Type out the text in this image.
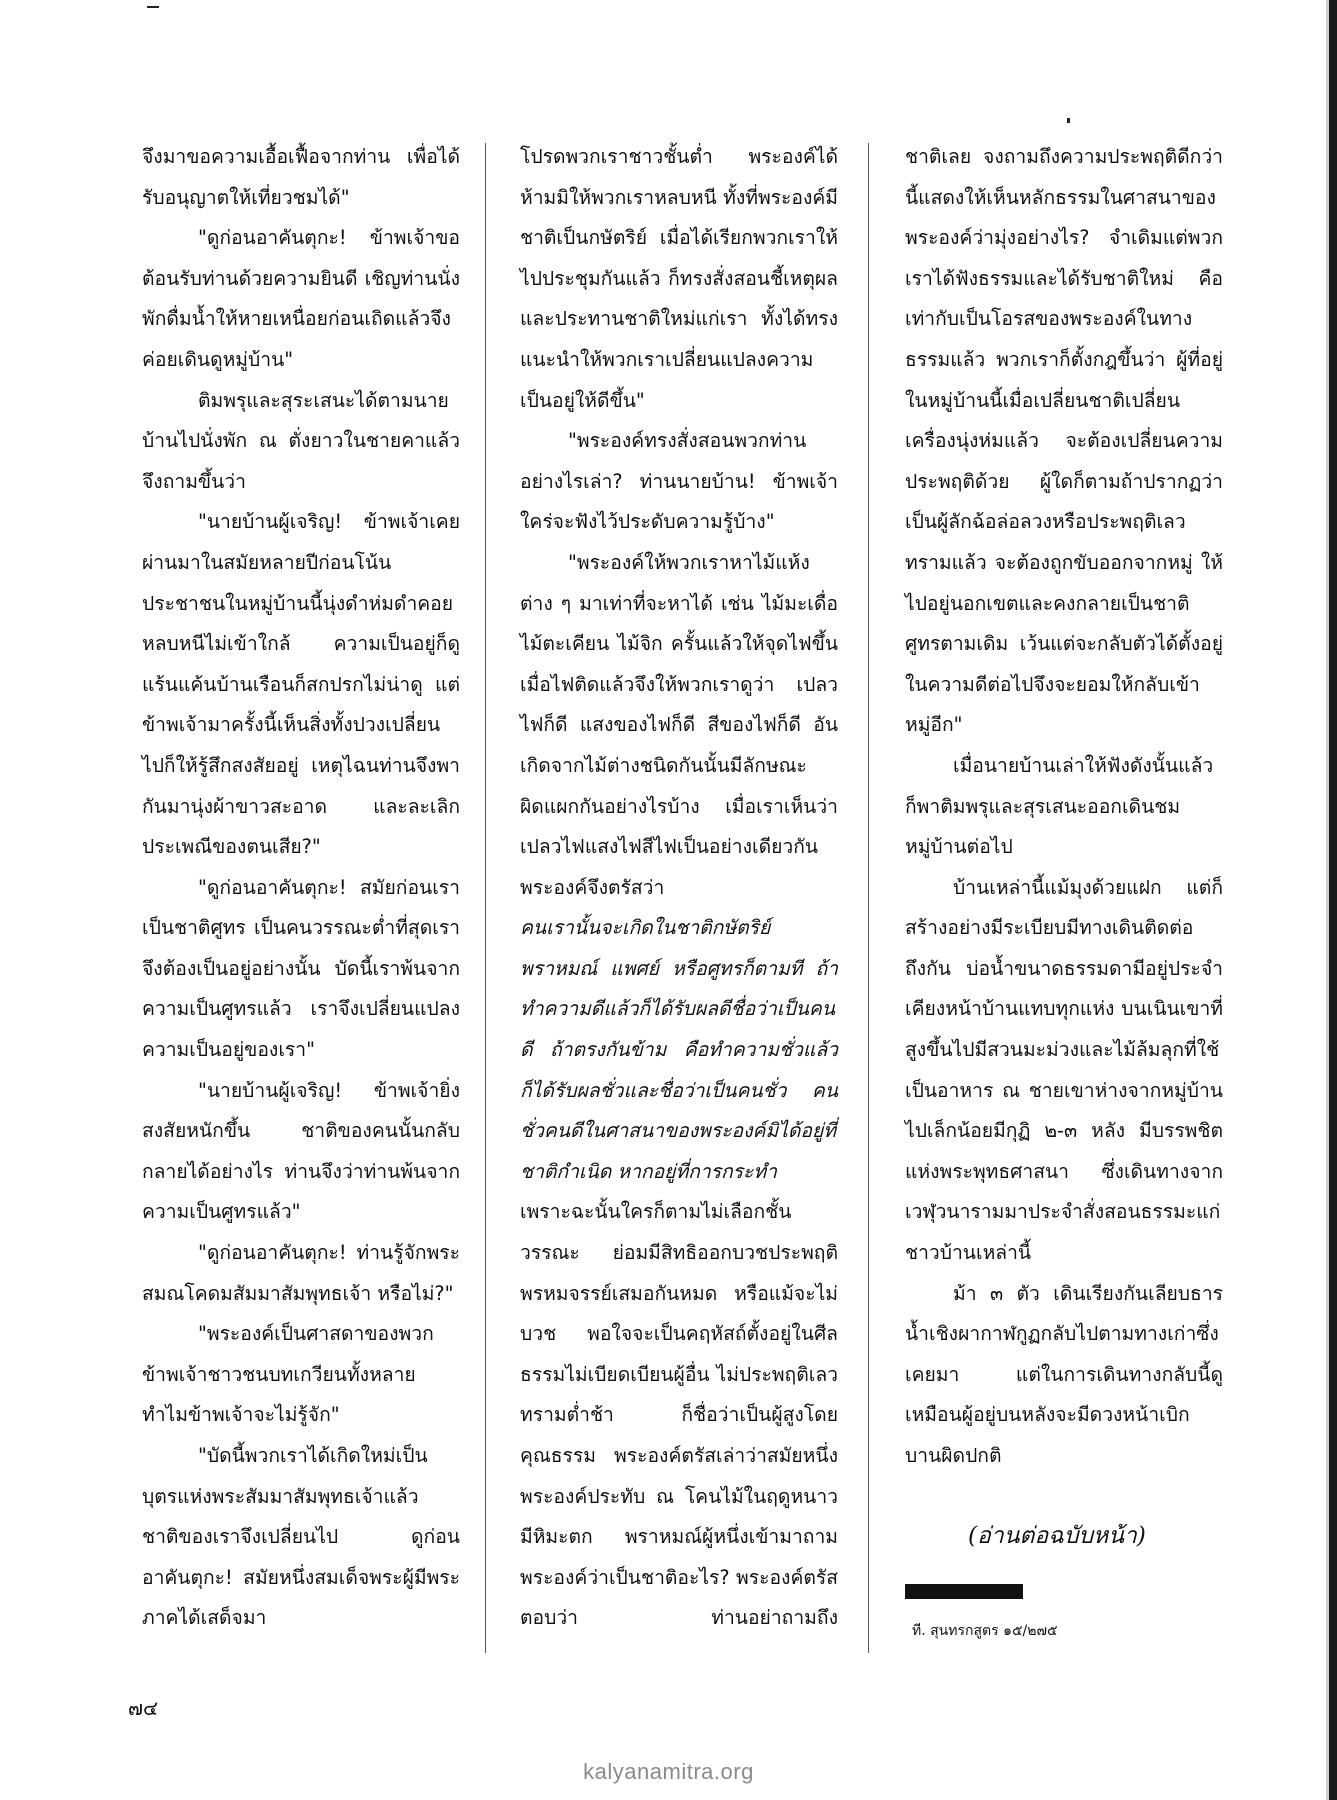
จึงมาขอความเอื้อเฟื้อจากท่าน เพื่อได้รับอนุญาตให้เที่ยวชมได้"

"ดูก่อนอาคันตุกะ! ข้าพเจ้าขอต้อนรับท่านด้วยความยินดี เชิญท่านนั่งพักดื่มน้ำให้หายเหนื่อยก่อนเถิดแล้วจึงค่อยเดินดูหมู่บ้าน"

ติมพรุและสุระเสนะได้ตามนายบ้านไปนั่งพัก ณ ตั่งยาวในชายคาแล้วจึงถามขึ้นว่า

"นายบ้านผู้เจริญ! ข้าพเจ้าเคยผ่านมาในสมัยหลายปีก่อนโน้น ประชาชนในหมู่บ้านนี้นุ่งดำห่มดำคอยหลบหนีไม่เข้าใกล้ ความเป็นอยู่ก็ดูแร้นแค้นบ้านเรือนก็สกปรกไม่น่าดู แต่ข้าพเจ้ามาครั้งนี้เห็นสิ่งทั้งปวงเปลี่ยนไปก็ให้รู้สึกสงสัยอยู่ เหตุไฉนท่านจึงพากันมานุ่งผ้าขาวสะอาด และละเลิกประเพณีของตนเสีย?"

"ดูก่อนอาคันตุกะ! สมัยก่อนเราเป็นชาติศูทร เป็นคนวรรณะต่ำที่สุดเราจึงต้องเป็นอยู่อย่างนั้น บัดนี้เราพ้นจากความเป็นศูทรแล้ว เราจึงเปลี่ยนแปลงความเป็นอยู่ของเรา"

"นายบ้านผู้เจริญ! ข้าพเจ้ายิ่งสงสัยหนักขึ้น ชาติของคนนั้นกลับกลายได้อย่างไร ท่านจึงว่าท่านพ้นจากความเป็นศูทรแล้ว"

"ดูก่อนอาคันตุกะ! ท่านรู้จักพระสมณโคดมสัมมาสัมพุทธเจ้า หรือไม่?"

"พระองค์เป็นศาสดาของพวกข้าพเจ้าชาวชนบทเกวียนทั้งหลาย ทำไมข้าพเจ้าจะไม่รู้จัก"

"บัดนี้พวกเราได้เกิดใหม่เป็นบุตรแห่งพระสัมมาสัมพุทธเจ้าแล้ว ชาติของเราจึงเปลี่ยนไป ดูก่อนอาคันตุกะ! สมัยหนึ่งสมเด็จพระผู้มีพระภาคได้เสด็จมา

โปรดพวกเราชาวชั้นต่ำ พระองค์ได้ห้ามมิให้พวกเราหลบหนี ทั้งที่พระองค์มีชาติเป็นกษัตริย์ เมื่อได้เรียกพวกเราให้ไปประชุมกันแล้ว ก็ทรงสั่งสอนชี้เหตุผลและประทานชาติใหม่แก่เรา ทั้งได้ทรงแนะนำให้พวกเราเปลี่ยนแปลงความเป็นอยู่ให้ดีขึ้น"

"พระองค์ทรงสั่งสอนพวกท่านอย่างไรเล่า? ท่านนายบ้าน! ข้าพเจ้าใคร่จะฟังไว้ประดับความรู้บ้าง"

"พระองค์ให้พวกเราหาไม้แห้งต่าง ๆ มาเท่าที่จะหาได้ เช่น ไม้มะเดื่อ ไม้ตะเคียน ไม้จิก ครั้นแล้วให้จุดไฟขึ้น เมื่อไฟติดแล้วจึงให้พวกเราดูว่า เปลวไฟก็ดี แสงของไฟก็ดี สีของไฟก็ดี อันเกิดจากไม้ต่างชนิดกันนั้นมีลักษณะผิดแผกกันอย่างไรบ้าง เมื่อเราเห็นว่าเปลวไฟแสงไฟสีไฟเป็นอย่างเดียวกัน พระองค์จึงตรัสว่า

คนเรานั้นจะเกิดในชาติกษัตริย์ พราหมณ์ แพศย์ หรือศูทรก็ตามที ถ้าทำความดีแล้วก็ได้รับผลดีชื่อว่าเป็นคนดี ถ้าตรงกันข้าม คือทำความชั่วแล้ว ก็ได้รับผลชั่วและชื่อว่าเป็นคนชั่ว คนชั่วคนดีในศาสนาของพระองค์มิได้อยู่ที่ชาติกำเนิด หากอยู่ที่การกระทำ

เพราะฉะนั้นใครก็ตามไม่เลือกชั้นวรรณะ ย่อมมีสิทธิออกบวชประพฤติพรหมจรรย์เสมอกันหมด หรือแม้จะไม่บวช พอใจจะเป็นคฤหัสถ์ตั้งอยู่ในศีลธรรมไม่เบียดเบียนผู้อื่น ไม่ประพฤติเลวทรามต่ำช้า ก็ชื่อว่าเป็นผู้สูงโดยคุณธรรม พระองค์ตรัสเล่าว่าสมัยหนึ่งพระองค์ประทับ ณ โคนไม้ในฤดูหนาว มีหิมะตก พราหมณ์ผู้หนึ่งเข้ามาถามพระองค์ว่าเป็นชาติอะไร? พระองค์ตรัสตอบว่า ท่านอย่าถามถึง

ชาติเลย จงถามถึงความประพฤติดีกว่านี้แสดงให้เห็นหลักธรรมในศาสนาของพระองค์ว่ามุ่งอย่างไร? จำเดิมแต่พวกเราได้ฟังธรรมและได้รับชาติใหม่ คือเท่ากับเป็นโอรสของพระองค์ในทางธรรมแล้ว พวกเราก็ตั้งกฎขึ้นว่า ผู้ที่อยู่ในหมู่บ้านนี้เมื่อเปลี่ยนชาติเปลี่ยนเครื่องนุ่งห่มแล้ว จะต้องเปลี่ยนความประพฤติด้วย ผู้ใดก็ตามถ้าปรากฏว่าเป็นผู้ลักฉ้อล่อลวงหรือประพฤติเลวทรามแล้ว จะต้องถูกขับออกจากหมู่ ให้ไปอยู่นอกเขตและคงกลายเป็นชาติศูทรตามเดิม เว้นแต่จะกลับตัวได้ตั้งอยู่ในความดีต่อไปจึงจะยอมให้กลับเข้าหมู่อีก"

เมื่อนายบ้านเล่าให้ฟังดังนั้นแล้วก็พาติมพรุและสุรเสนะออกเดินชมหมู่บ้านต่อไป

บ้านเหล่านี้แม้มุงด้วยแฝก แต่ก็สร้างอย่างมีระเบียบมีทางเดินติดต่อถึงกัน บ่อน้ำขนาดธรรมดามีอยู่ประจำเคียงหน้าบ้านแทบทุกแห่ง บนเนินเขาที่สูงขึ้นไปมีสวนมะม่วงและไม้ล้มลุกที่ใช้เป็นอาหาร ณ ชายเขาห่างจากหมู่บ้านไปเล็กน้อยมีกุฏิ ๒-๓ หลัง มีบรรพชิตแห่งพระพุทธศาสนา ซึ่งเดินทางจากเวฬุวนารามมาประจำสั่งสอนธรรมะแก่ชาวบ้านเหล่านี้

ม้า ๓ ตัว เดินเรียงกันเลียบธารน้ำเชิงผากาฬกูฏกลับไปตามทางเก่าซึ่งเคยมา แต่ในการเดินทางกลับนี้ดูเหมือนผู้อยู่บนหลังจะมีดวงหน้าเบิกบานผิดปกติ

(อ่านต่อฉบับหน้า)
ที. สุนทรกสูตร ๑๕/๒๗๕
๗๔
kalyanamitra.org
